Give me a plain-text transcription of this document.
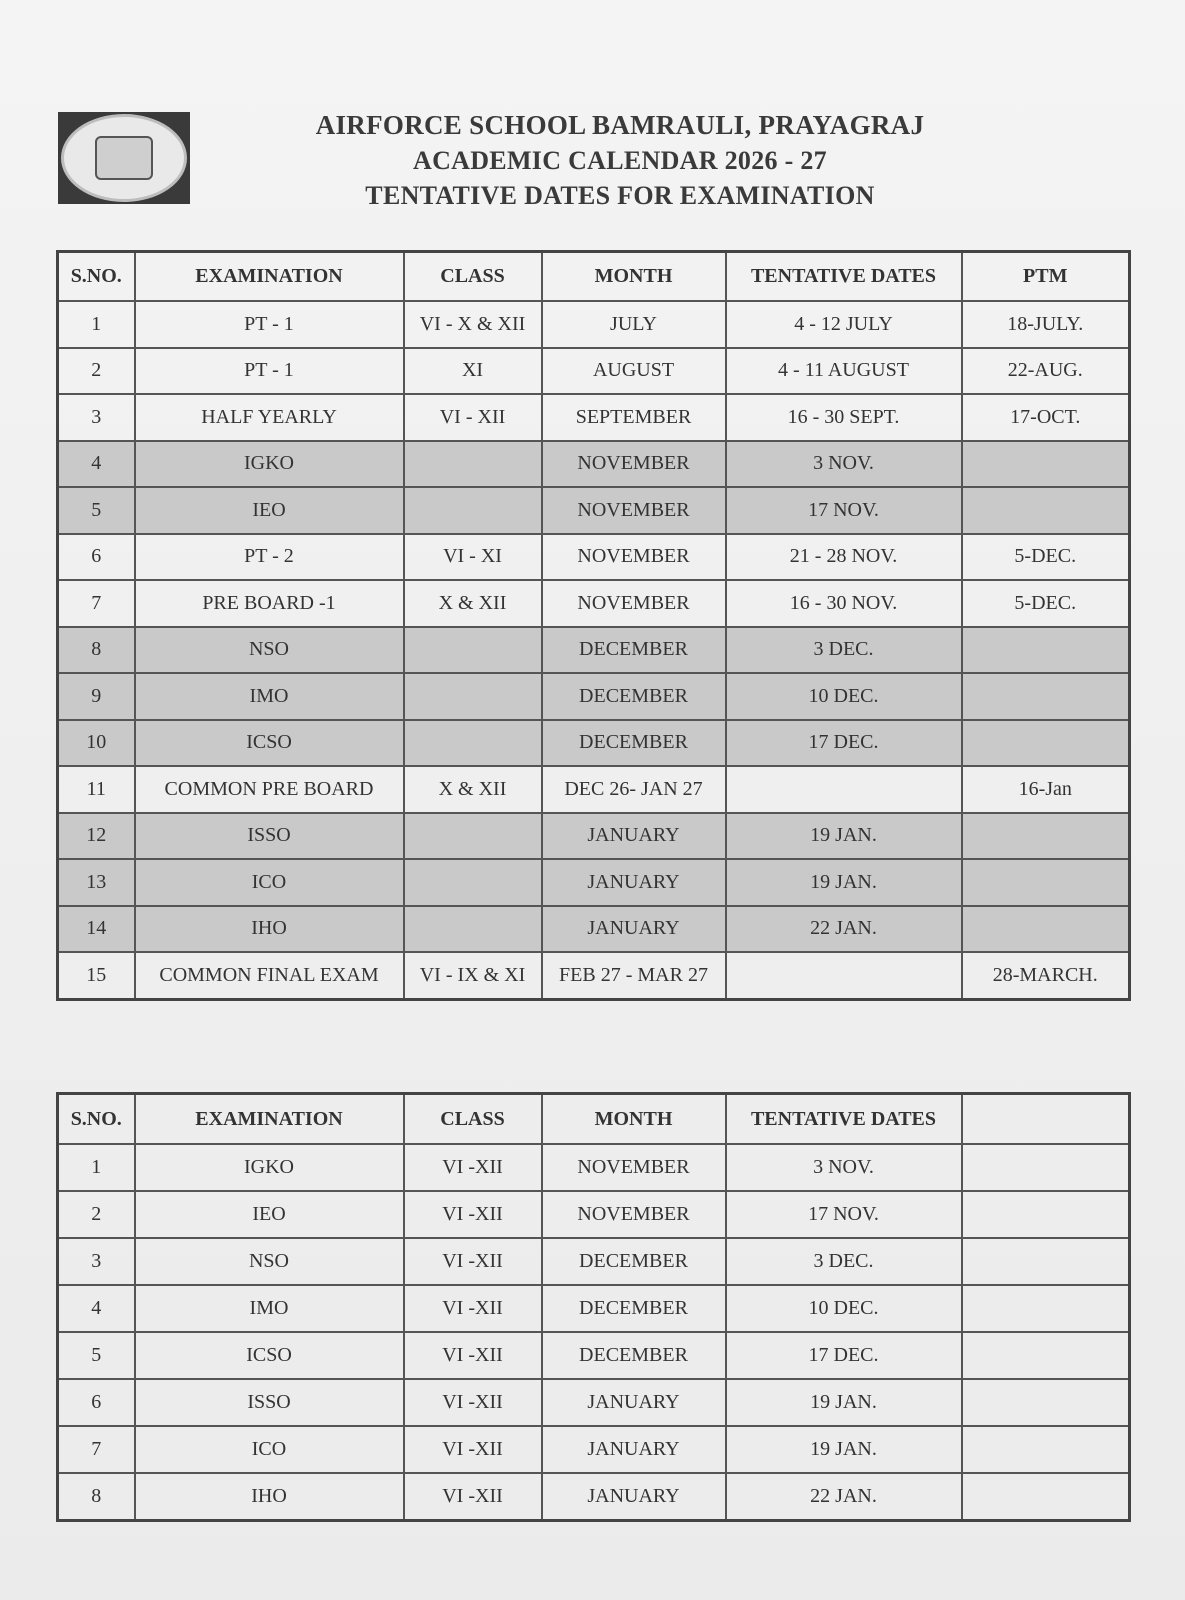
AIRFORCE SCHOOL BAMRAULI, PRAYAGRAJ
ACADEMIC CALENDAR 2026 - 27
TENTATIVE DATES FOR EXAMINATION
S.NO.	EXAMINATION	CLASS	MONTH	TENTATIVE DATES	PTM
1	PT - 1	VI - X & XII	JULY	4 - 12 JULY	18-JULY.
2	PT - 1	XI	AUGUST	4 - 11 AUGUST	22-AUG.
3	HALF YEARLY	VI - XII	SEPTEMBER	16 - 30 SEPT.	17-OCT.
4	IGKO		NOVEMBER	3 NOV.	
5	IEO		NOVEMBER	17 NOV.	
6	PT - 2	VI - XI	NOVEMBER	21 - 28 NOV.	5-DEC.
7	PRE BOARD -1	X & XII	NOVEMBER	16 - 30 NOV.	5-DEC.
8	NSO		DECEMBER	3 DEC.	
9	IMO		DECEMBER	10 DEC.	
10	ICSO		DECEMBER	17 DEC.	
11	COMMON PRE BOARD	X & XII	DEC 26- JAN 27		16-Jan
12	ISSO		JANUARY	19 JAN.	
13	ICO		JANUARY	19 JAN.	
14	IHO		JANUARY	22 JAN.	
15	COMMON FINAL EXAM	VI - IX & XI	FEB 27 - MAR 27		28-MARCH.
S.NO.	EXAMINATION	CLASS	MONTH	TENTATIVE DATES	
1	IGKO	VI -XII	NOVEMBER	3 NOV.	
2	IEO	VI -XII	NOVEMBER	17 NOV.	
3	NSO	VI -XII	DECEMBER	3 DEC.	
4	IMO	VI -XII	DECEMBER	10 DEC.	
5	ICSO	VI -XII	DECEMBER	17 DEC.	
6	ISSO	VI -XII	JANUARY	19 JAN.	
7	ICO	VI -XII	JANUARY	19 JAN.	
8	IHO	VI -XII	JANUARY	22 JAN.	
